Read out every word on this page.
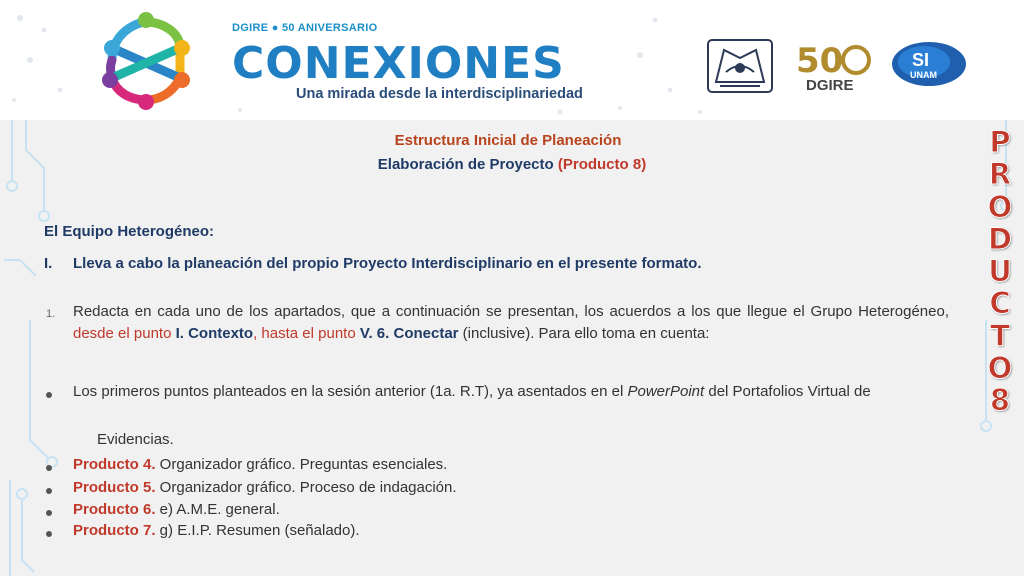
DGIRE ● 50 ANIVERSARIO
CONEXIONES
Una mirada desde la interdisciplinariedad
50
DGIRE
SI
UNAM
Estructura Inicial de Planeación
Elaboración de Proyecto (Producto 8)
El Equipo Heterogéneo:
I. Lleva a cabo la planeación del propio Proyecto Interdisciplinario en el presente formato.
1. Redacta en cada uno de los apartados, que a continuación se presentan, los acuerdos a los que llegue el Grupo Heterogéneo, desde el punto I. Contexto, hasta el punto V. 6. Conectar (inclusive). Para ello toma en cuenta:
Los primeros puntos planteados en la sesión anterior (1a. R.T), ya asentados en el PowerPoint del Portafolios Virtual de
Evidencias.
Producto 4. Organizador gráfico. Preguntas esenciales.
Producto 5. Organizador gráfico. Proceso de indagación.
Producto 6. e) A.M.E. general.
Producto 7. g) E.I.P. Resumen (señalado).
P
R
O
D
U
C
T
O
8
